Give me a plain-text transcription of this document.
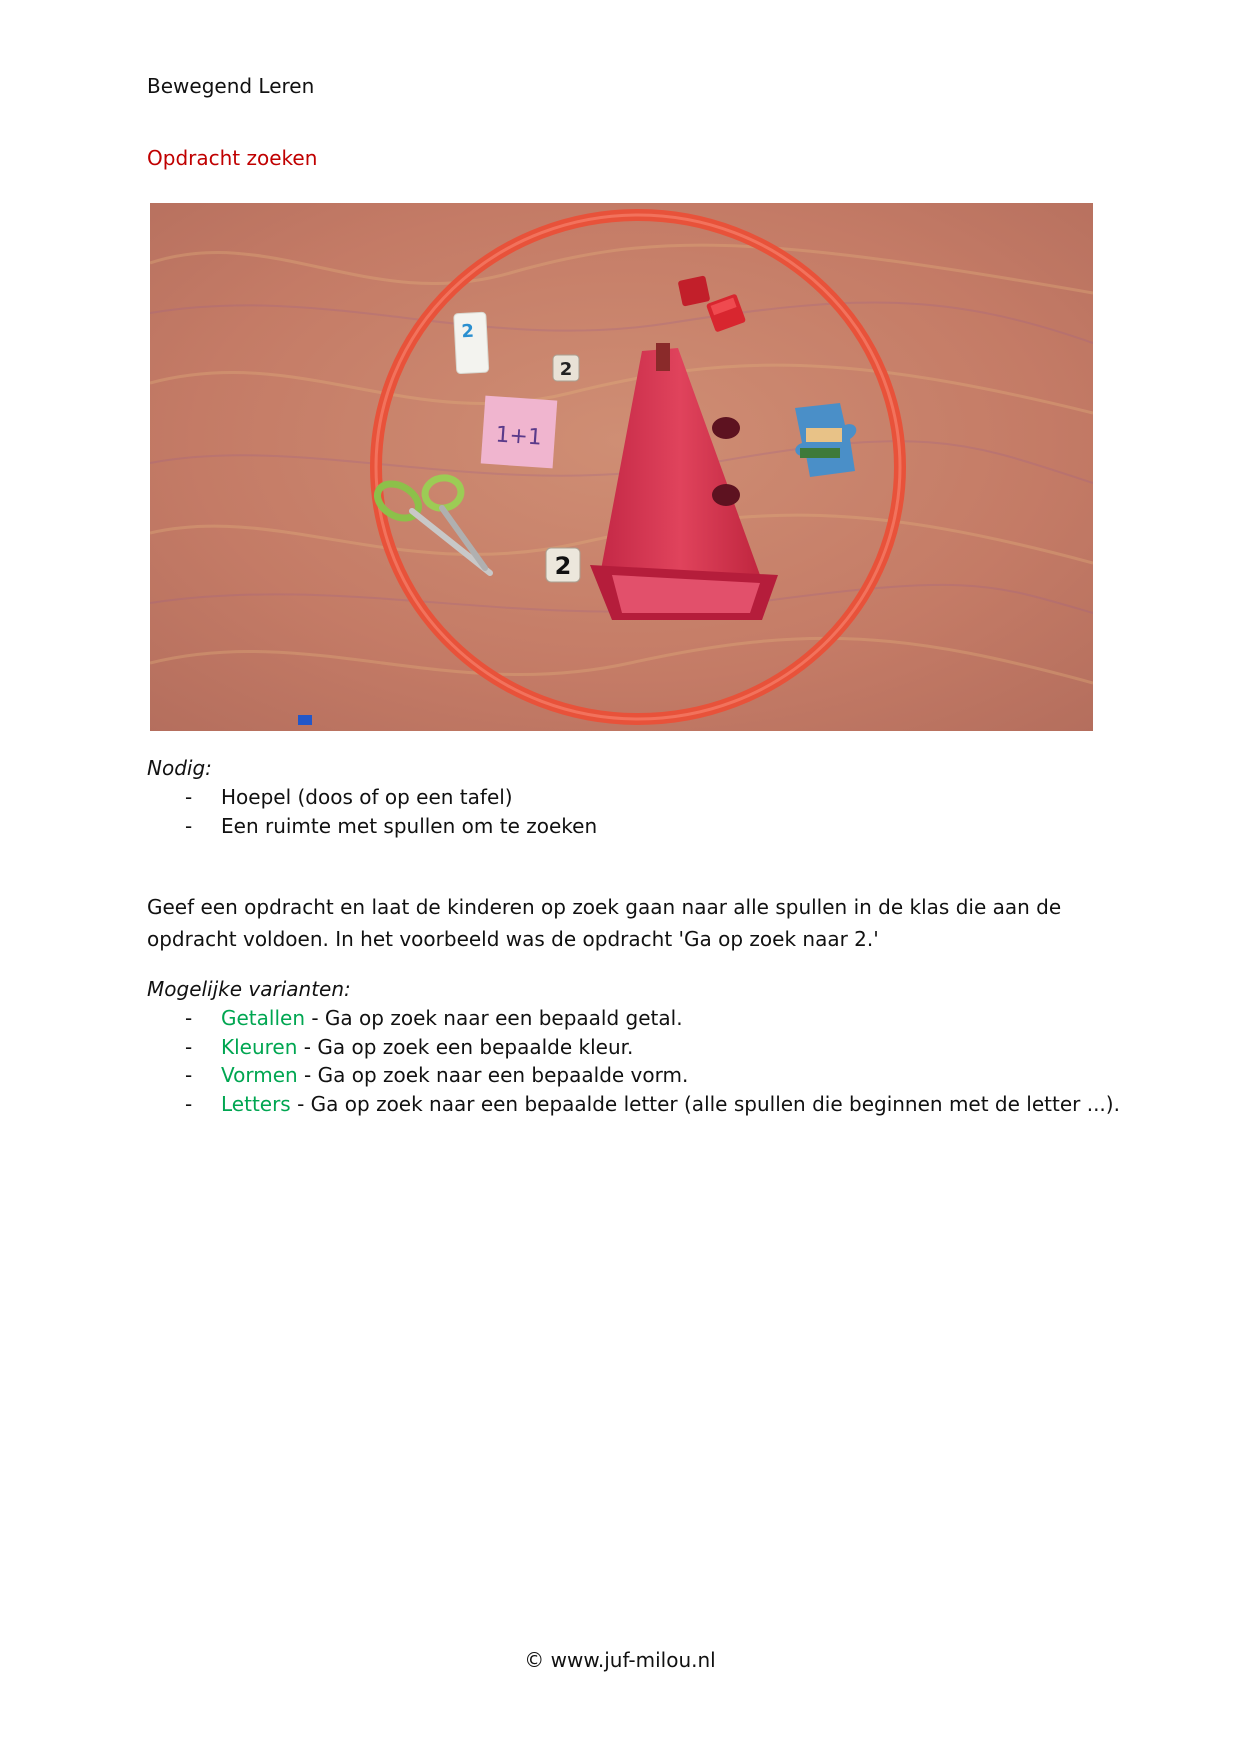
Bewegend Leren
Opdracht zoeken
2
2
1+1
2
Nodig:
- Hoepel (doos of op een tafel)
- Een ruimte met spullen om te zoeken

Geef een opdracht en laat de kinderen op zoek gaan naar alle spullen in de klas die aan de opdracht voldoen. In het voorbeeld was de opdracht 'Ga op zoek naar 2.'

Mogelijke varianten:
- Getallen - Ga op zoek naar een bepaald getal.
- Kleuren - Ga op zoek een bepaalde kleur.
- Vormen - Ga op zoek naar een bepaalde vorm.
- Letters - Ga op zoek naar een bepaalde letter (alle spullen die beginnen met de letter ...).
© www.juf-milou.nl
